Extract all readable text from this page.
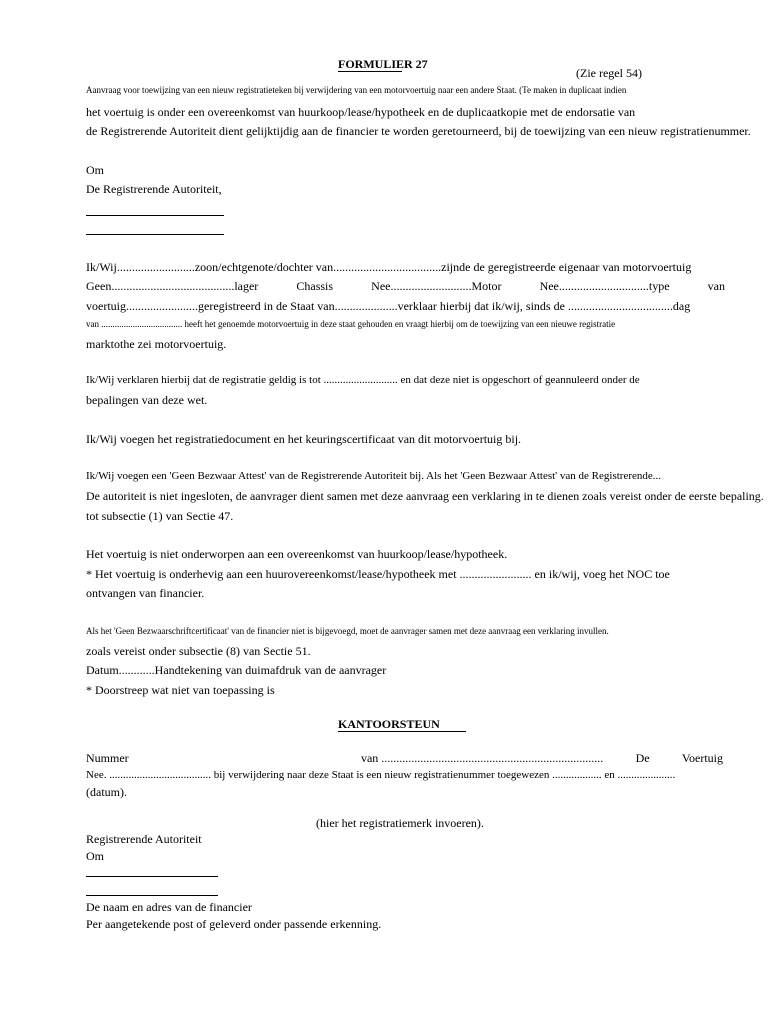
FORMULIER 27
(Zie regel 54)
Aanvraag voor toewijzing van een nieuw registratieteken bij verwijdering van een motorvoertuig naar een andere Staat. (Te maken in duplicaat indien
het voertuig is onder een overeenkomst van huurkoop/lease/hypotheek en de duplicaatkopie met de endorsatie van
de Registrerende Autoriteit dient gelijktijdig aan de financier te worden geretourneerd, bij de toewijzing van een nieuw registratienummer.
Om
De Registrerende Autoriteit,
Ik/Wij..........................zoon/echtgenote/dochter van....................................zijnde de geregistreerde eigenaar van motorvoertuig
Geen.........................................lager	Chassis	Nee...........................Motor	Nee..............................type	van
voertuig........................geregistreerd in de Staat van.....................verklaar hierbij dat ik/wij, sinds de ...................................dag
van .................................... heeft het genoemde motorvoertuig in deze staat gehouden en vraagt hierbij om de toewijzing van een nieuwe registratie
marktothe zei motorvoertuig.
Ik/Wij verklaren hierbij dat de registratie geldig is tot ........................... en dat deze niet is opgeschort of geannuleerd onder de
bepalingen van deze wet.
Ik/Wij voegen het registratiedocument en het keuringscertificaat van dit motorvoertuig bij.
Ik/Wij voegen een 'Geen Bezwaar Attest' van de Registrerende Autoriteit bij. Als het 'Geen Bezwaar Attest' van de Registrerende...
De autoriteit is niet ingesloten, de aanvrager dient samen met deze aanvraag een verklaring in te dienen zoals vereist onder de eerste bepaling.
tot subsectie (1) van Sectie 47.
Het voertuig is niet onderworpen aan een overeenkomst van huurkoop/lease/hypotheek.
* Het voertuig is onderhevig aan een huurovereenkomst/lease/hypotheek met ........................ en ik/wij, voeg het NOC toe
ontvangen van financier.
Als het 'Geen Bezwaarschriftcertificaat' van de financier niet is bijgevoegd, moet de aanvrager samen met deze aanvraag een verklaring invullen.
zoals vereist onder subsectie (8) van Sectie 51.
Datum............Handtekening van duimafdruk van de aanvrager
* Doorstreep wat niet van toepassing is
KANTOORSTEUN
Nummer	van ..........................................................................	De	Voertuig
Nee. ..................................... bij verwijdering naar deze Staat is een nieuw registratienummer toegewezen .................. en .....................
(datum).
(hier het registratiemerk invoeren).
Registrerende Autoriteit
Om
De naam en adres van de financier
Per aangetekende post of geleverd onder passende erkenning.
